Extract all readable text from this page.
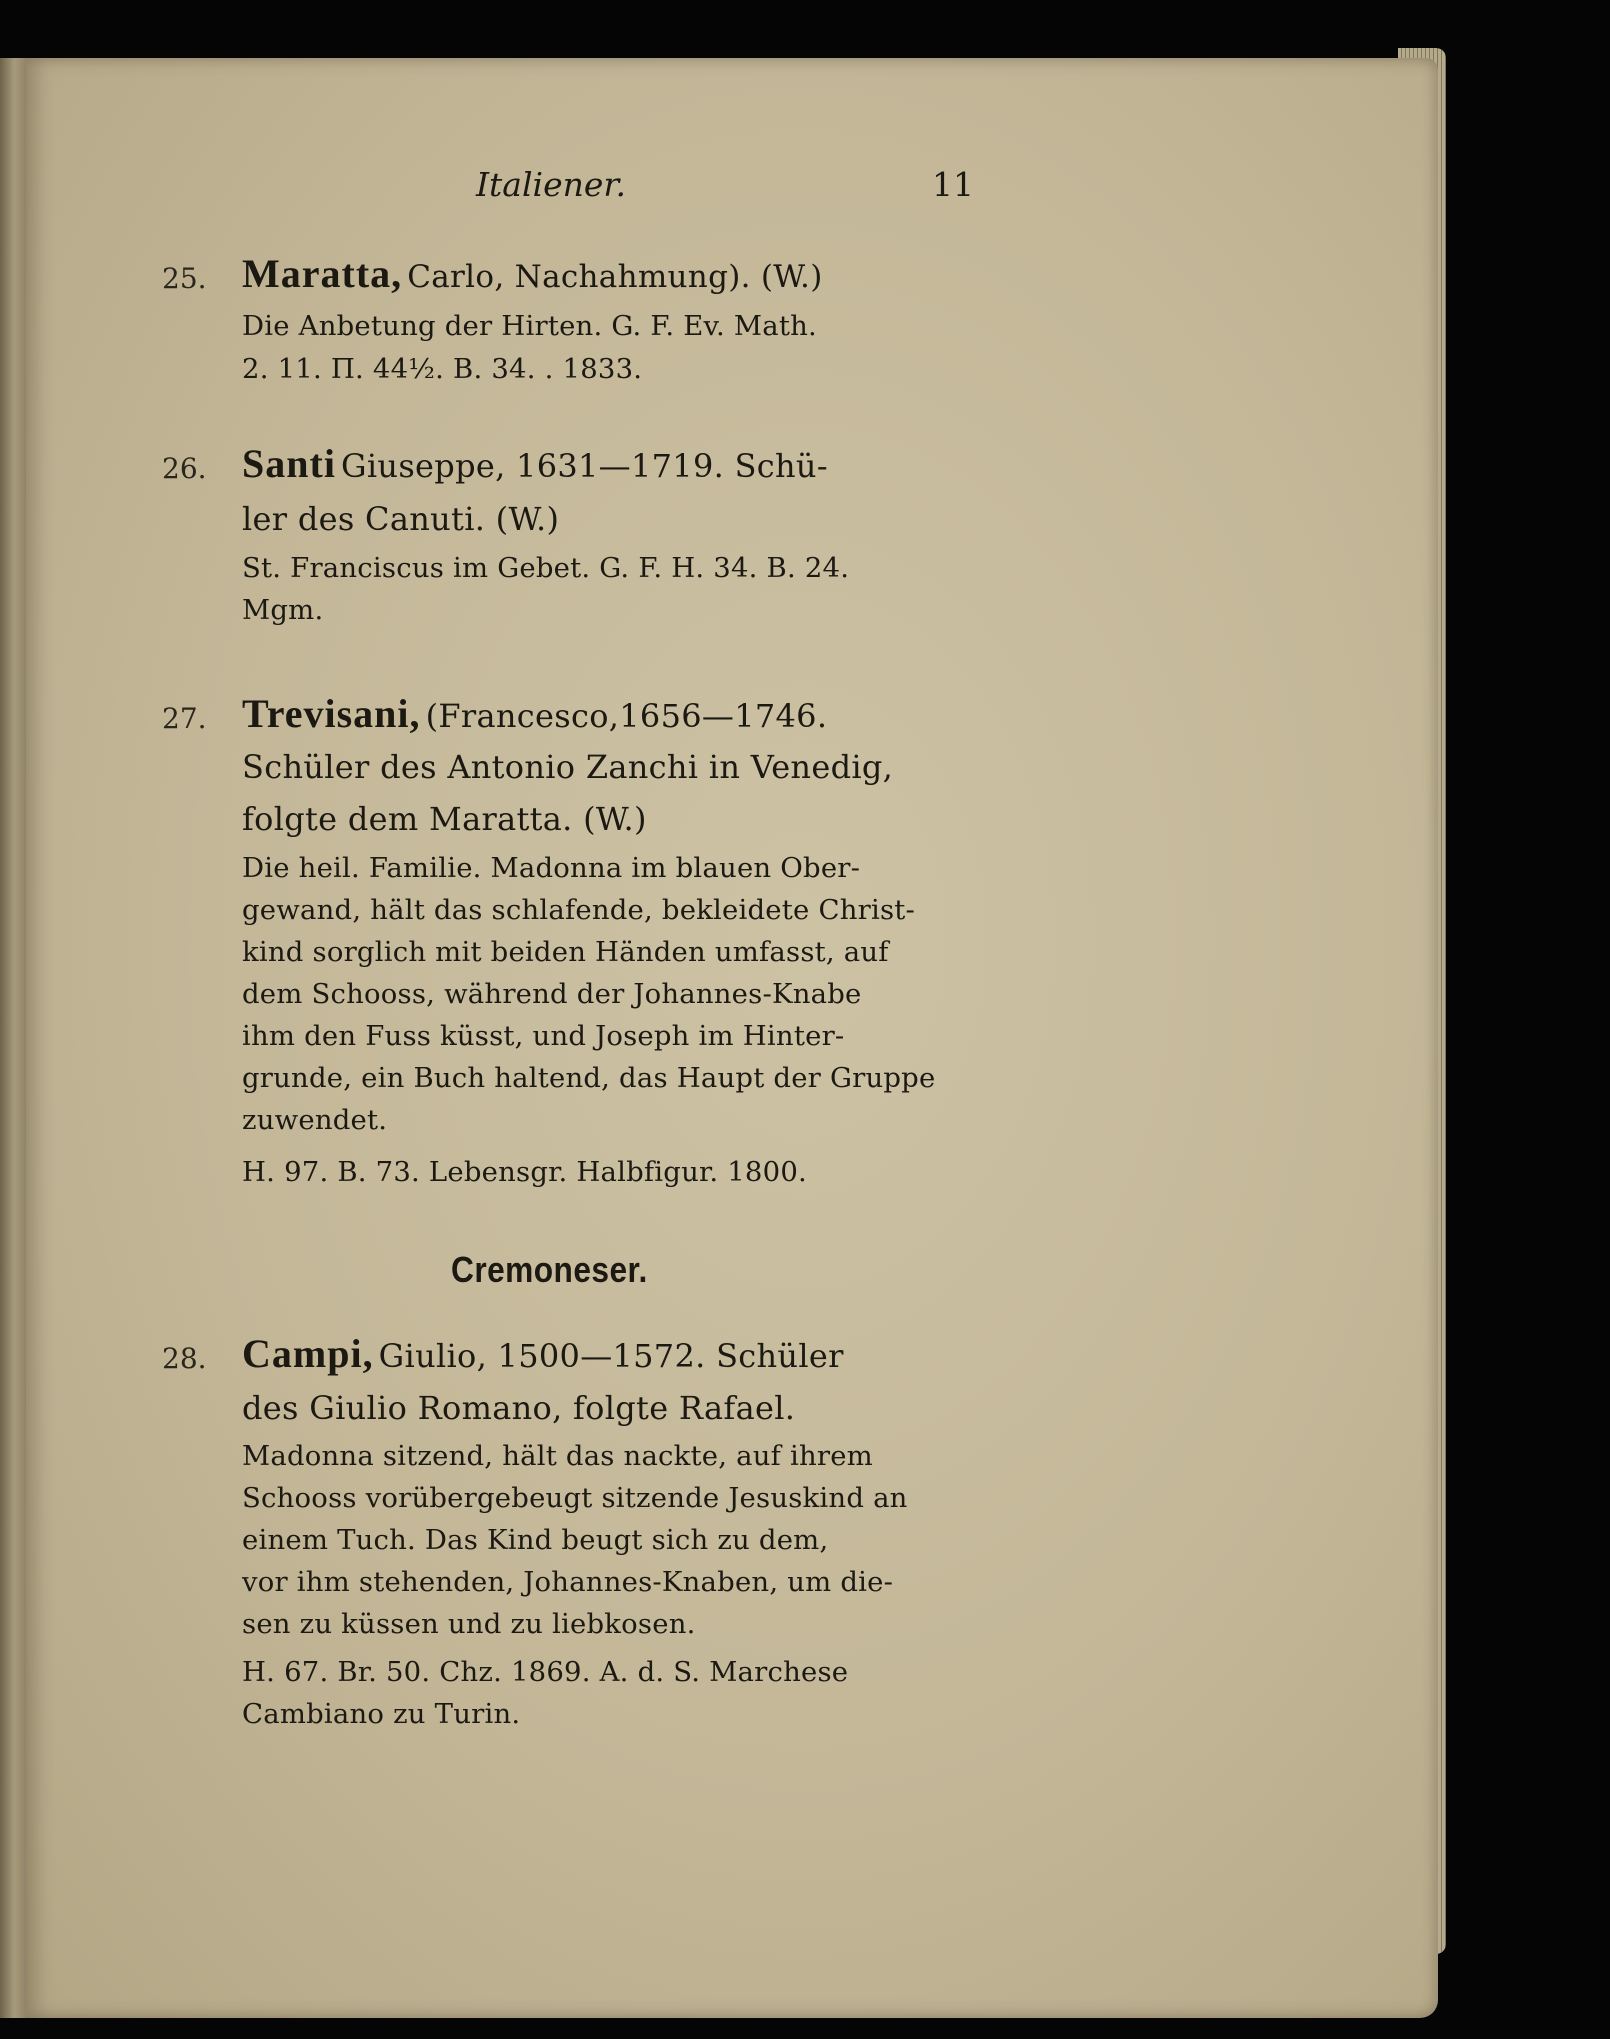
Italiener.	11
25. Maratta, Carlo, Nachahmung). (W.)
Die Anbetung der Hirten. G. F. Ev. Math.
2. 11. П. 44½. B. 34. . 1833.
26. Santi Giuseppe, 1631—1719. Schü-
ler des Canuti. (W.)
St. Franciscus im Gebet. G. F. H. 34. B. 24.
Mgm.
27. Trevisani, (Francesco,1656—1746.
Schüler des Antonio Zanchi in Venedig,
folgte dem Maratta. (W.)
Die heil. Familie. Madonna im blauen Ober-
gewand, hält das schlafende, bekleidete Christ-
kind sorglich mit beiden Händen umfasst, auf
dem Schooss, während der Johannes-Knabe
ihm den Fuss küsst, und Joseph im Hinter-
grunde, ein Buch haltend, das Haupt der Gruppe
zuwendet.
H. 97. B. 73. Lebensgr. Halbfigur. 1800.
Cremoneser.
28. Campi, Giulio, 1500—1572. Schüler
des Giulio Romano, folgte Rafael.
Madonna sitzend, hält das nackte, auf ihrem
Schooss vorübergebeugt sitzende Jesuskind an
einem Tuch. Das Kind beugt sich zu dem,
vor ihm stehenden, Johannes-Knaben, um die-
sen zu küssen und zu liebkosen.
H. 67. Br. 50. Chz. 1869. A. d. S. Marchese
Cambiano zu Turin.
